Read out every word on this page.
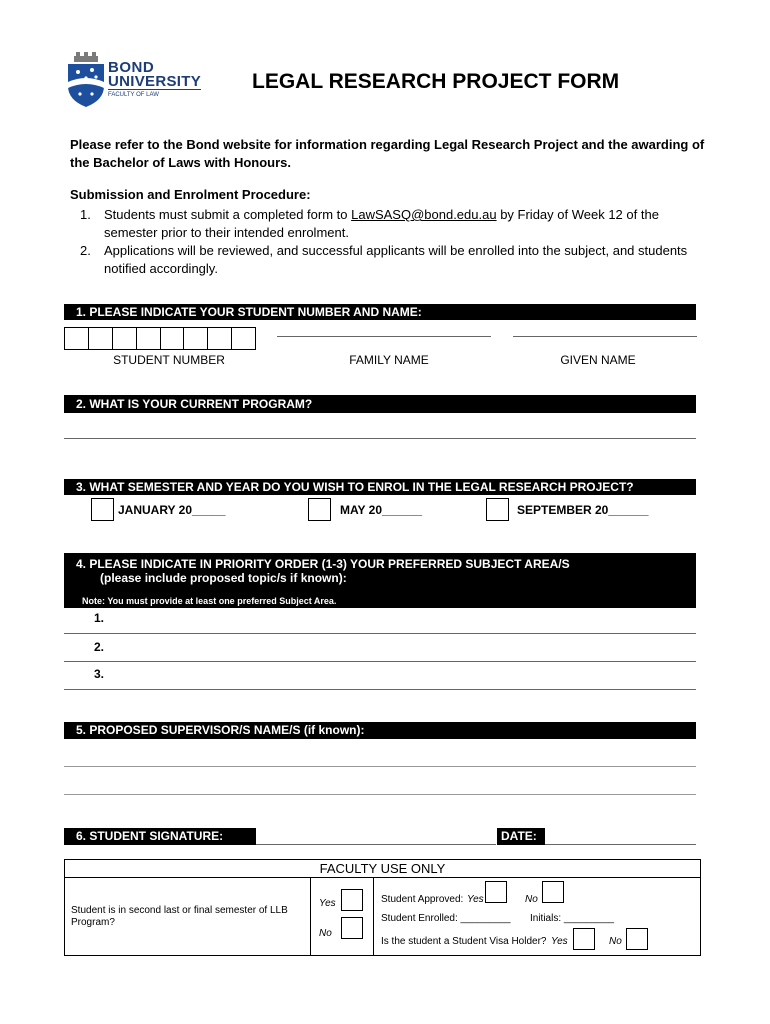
BOND
UNIVERSITY
FACULTY OF LAW
LEGAL RESEARCH PROJECT FORM
Please refer to the Bond website for information regarding Legal Research Project and the awarding of the Bachelor of Laws with Honours.
Submission and Enrolment Procedure:
1. Students must submit a completed form to LawSASQ@bond.edu.au by Friday of Week 12 of the semester prior to their intended enrolment.
2. Applications will be reviewed, and successful applicants will be enrolled into the subject, and students notified accordingly.
1. PLEASE INDICATE YOUR STUDENT NUMBER AND NAME:
STUDENT NUMBER	FAMILY NAME	GIVEN NAME
2. WHAT IS YOUR CURRENT PROGRAM?
3. WHAT SEMESTER AND YEAR DO YOU WISH TO ENROL IN THE LEGAL RESEARCH PROJECT?
JANUARY 20_____	MAY 20______	SEPTEMBER 20______
4. PLEASE INDICATE IN PRIORITY ORDER (1-3) YOUR PREFERRED SUBJECT AREA/S
(please include proposed topic/s if known):
Note: You must provide at least one preferred Subject Area.
1.
2.
3.
5. PROPOSED SUPERVISOR/S NAME/S (if known):
6. STUDENT SIGNATURE:	DATE:
FACULTY USE ONLY
Student is in second last or final semester of LLB Program?
Yes
No
Student Approved: Yes	No
Student Enrolled: _________ Initials: _________
Is the student a Student Visa Holder? Yes	No
